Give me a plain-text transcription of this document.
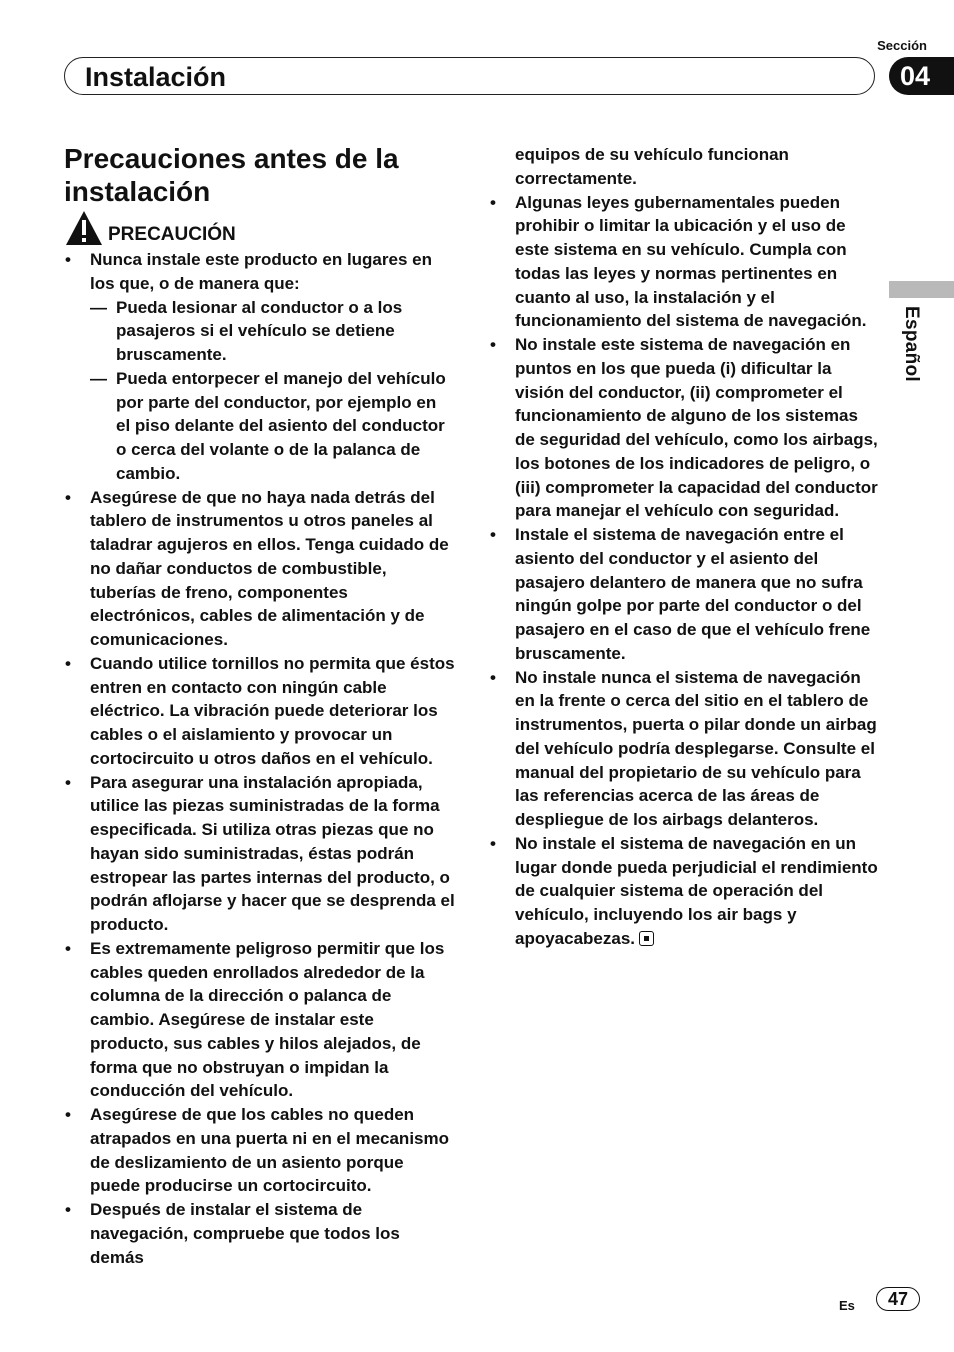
Sección
Instalación	04
Español
Precauciones antes de la instalación
PRECAUCIÓN
• Nunca instale este producto en lugares en los que, o de manera que:
— Pueda lesionar al conductor o a los pasajeros si el vehículo se detiene bruscamente.
— Pueda entorpecer el manejo del vehículo por parte del conductor, por ejemplo en el piso delante del asiento del conductor o cerca del volante o de la palanca de cambio.
• Asegúrese de que no haya nada detrás del tablero de instrumentos u otros paneles al taladrar agujeros en ellos. Tenga cuidado de no dañar conductos de combustible, tuberías de freno, componentes electrónicos, cables de alimentación y de comunicaciones.
• Cuando utilice tornillos no permita que éstos entren en contacto con ningún cable eléctrico. La vibración puede deteriorar los cables o el aislamiento y provocar un cortocircuito u otros daños en el vehículo.
• Para asegurar una instalación apropiada, utilice las piezas suministradas de la forma especificada. Si utiliza otras piezas que no hayan sido suministradas, éstas podrán estropear las partes internas del producto, o podrán aflojarse y hacer que se desprenda el producto.
• Es extremamente peligroso permitir que los cables queden enrollados alrededor de la columna de la dirección o palanca de cambio. Asegúrese de instalar este producto, sus cables y hilos alejados, de forma que no obstruyan o impidan la conducción del vehículo.
• Asegúrese de que los cables no queden atrapados en una puerta ni en el mecanismo de deslizamiento de un asiento porque puede producirse un cortocircuito.
• Después de instalar el sistema de navegación, compruebe que todos los demás
equipos de su vehículo funcionan correctamente.
• Algunas leyes gubernamentales pueden prohibir o limitar la ubicación y el uso de este sistema en su vehículo. Cumpla con todas las leyes y normas pertinentes en cuanto al uso, la instalación y el funcionamiento del sistema de navegación.
• No instale este sistema de navegación en puntos en los que pueda (i) dificultar la visión del conductor, (ii) comprometer el funcionamiento de alguno de los sistemas de seguridad del vehículo, como los airbags, los botones de los indicadores de peligro, o (iii) comprometer la capacidad del conductor para manejar el vehículo con seguridad.
• Instale el sistema de navegación entre el asiento del conductor y el asiento del pasajero delantero de manera que no sufra ningún golpe por parte del conductor o del pasajero en el caso de que el vehículo frene bruscamente.
• No instale nunca el sistema de navegación en la frente o cerca del sitio en el tablero de instrumentos, puerta o pilar donde un airbag del vehículo podría desplegarse. Consulte el manual del propietario de su vehículo para las referencias acerca de las áreas de despliegue de los airbags delanteros.
• No instale el sistema de navegación en un lugar donde pueda perjudicial el rendimiento de cualquier sistema de operación del vehículo, incluyendo los air bags y apoyacabezas.
Es	47
